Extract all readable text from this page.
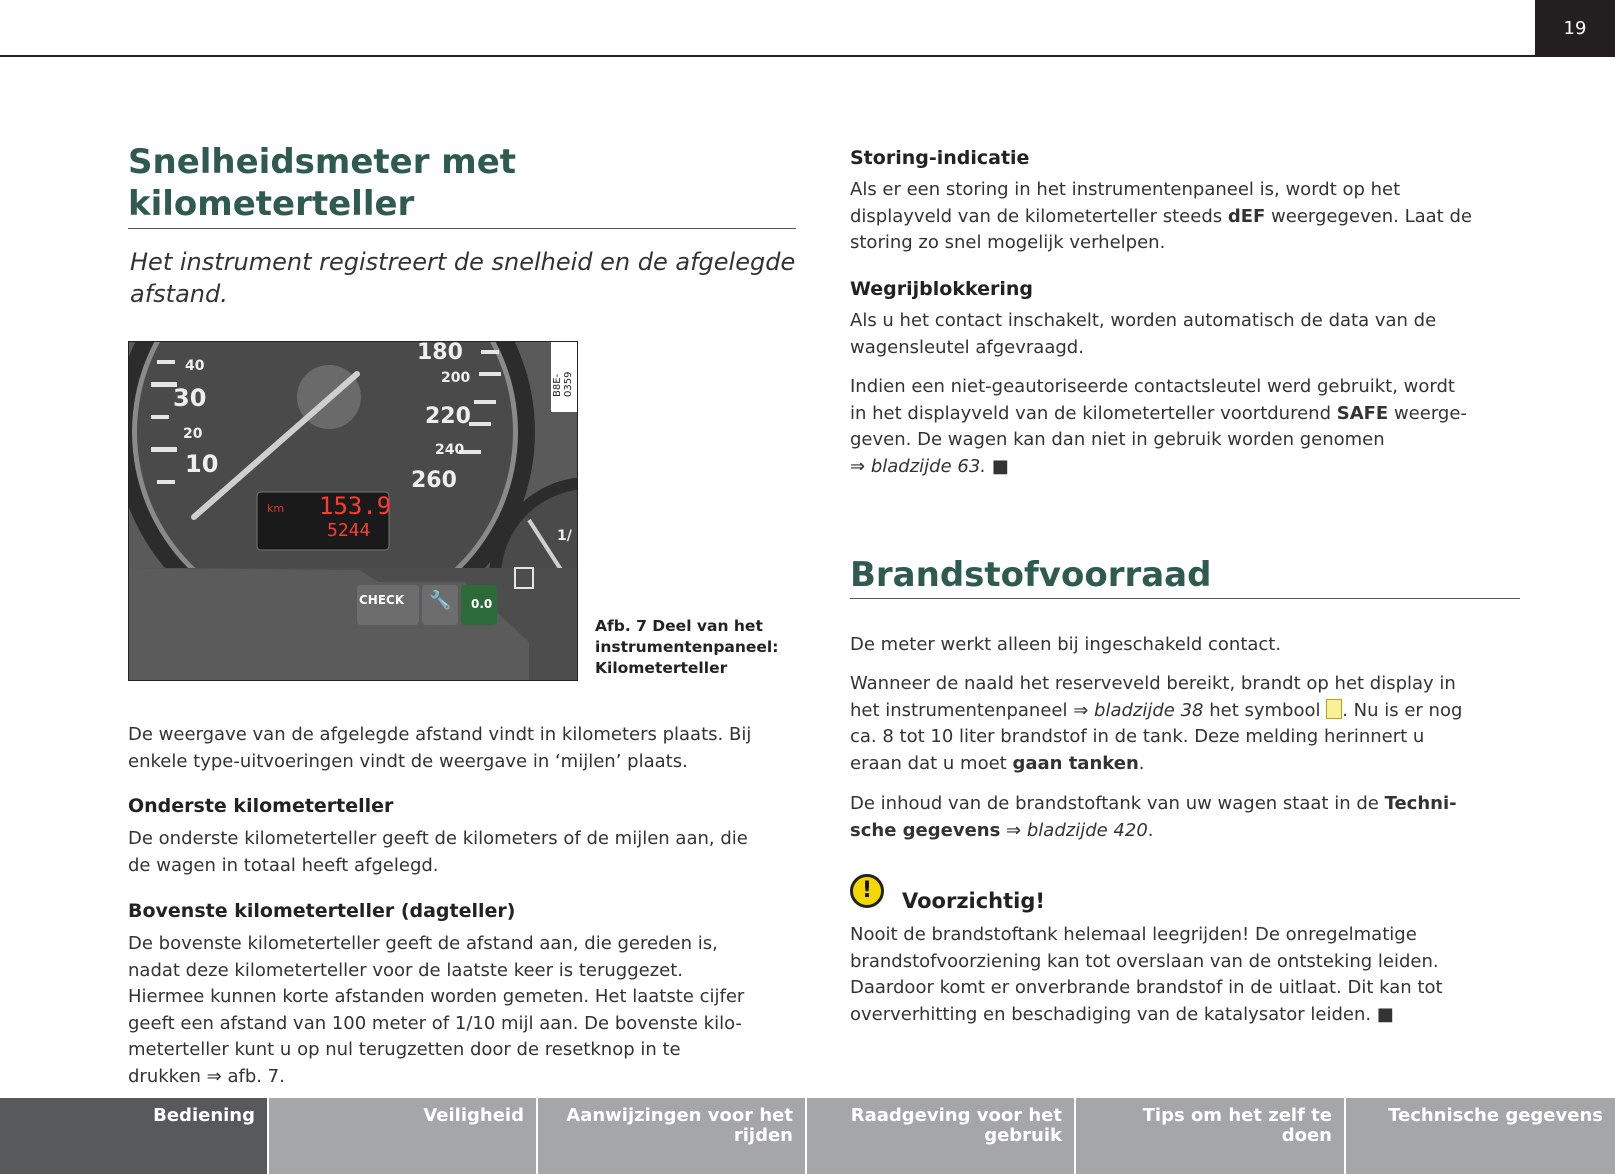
19
Snelheidsmeter met
kilometerteller
Het instrument registreert de snelheid en de afgelegde afstand.
180
200
220
240
260
40
30
20
10
1/
km 153.9
5244
CHECK 🔧 0.0
B8E-0359
Afb. 7 Deel van het
instrumentenpaneel:
Kilometerteller

De weergave van de afgelegde afstand vindt in kilometers plaats. Bij
enkele type-uitvoeringen vindt de weergave in ‘mijlen’ plaats.

Onderste kilometerteller

De onderste kilometerteller geeft de kilometers of de mijlen aan, die
de wagen in totaal heeft afgelegd.

Bovenste kilometerteller (dagteller)

De bovenste kilometerteller geeft de afstand aan, die gereden is,
nadat deze kilometerteller voor de laatste keer is teruggezet.
Hiermee kunnen korte afstanden worden gemeten. Het laatste cijfer
geeft een afstand van 100 meter of 1/10 mijl aan. De bovenste kilo-
meterteller kunt u op nul terugzetten door de resetknop in te
drukken ⇒ afb. 7.

Storing-indicatie

Als er een storing in het instrumentenpaneel is, wordt op het
displayveld van de kilometerteller steeds dEF weergegeven. Laat de
storing zo snel mogelijk verhelpen.

Wegrijblokkering

Als u het contact inschakelt, worden automatisch de data van de
wagensleutel afgevraagd.

Indien een niet-geautoriseerde contactsleutel werd gebruikt, wordt
in het displayveld van de kilometerteller voortdurend SAFE weerge-
geven. De wagen kan dan niet in gebruik worden genomen
⇒ bladzijde 63. ■

Brandstofvoorraad

De meter werkt alleen bij ingeschakeld contact.

Wanneer de naald het reserveveld bereikt, brandt op het display in
het instrumentenpaneel ⇒ bladzijde 38 het symbool . Nu is er nog
ca. 8 tot 10 liter brandstof in de tank. Deze melding herinnert u
eraan dat u moet gaan tanken.

De inhoud van de brandstoftank van uw wagen staat in de Techni-
sche gegevens ⇒ bladzijde 420.

!	Voorzichtig!

Nooit de brandstoftank helemaal leegrijden! De onregelmatige
brandstofvoorziening kan tot overslaan van de ontsteking leiden.
Daardoor komt er onverbrande brandstof in de uitlaat. Dit kan tot
oververhitting en beschadiging van de katalysator leiden. ■

Bediening	Veiligheid	Aanwijzingen voor het
rijden
Raadgeving voor het
gebruik
Tips om het zelf te doen
Technische gegevens
